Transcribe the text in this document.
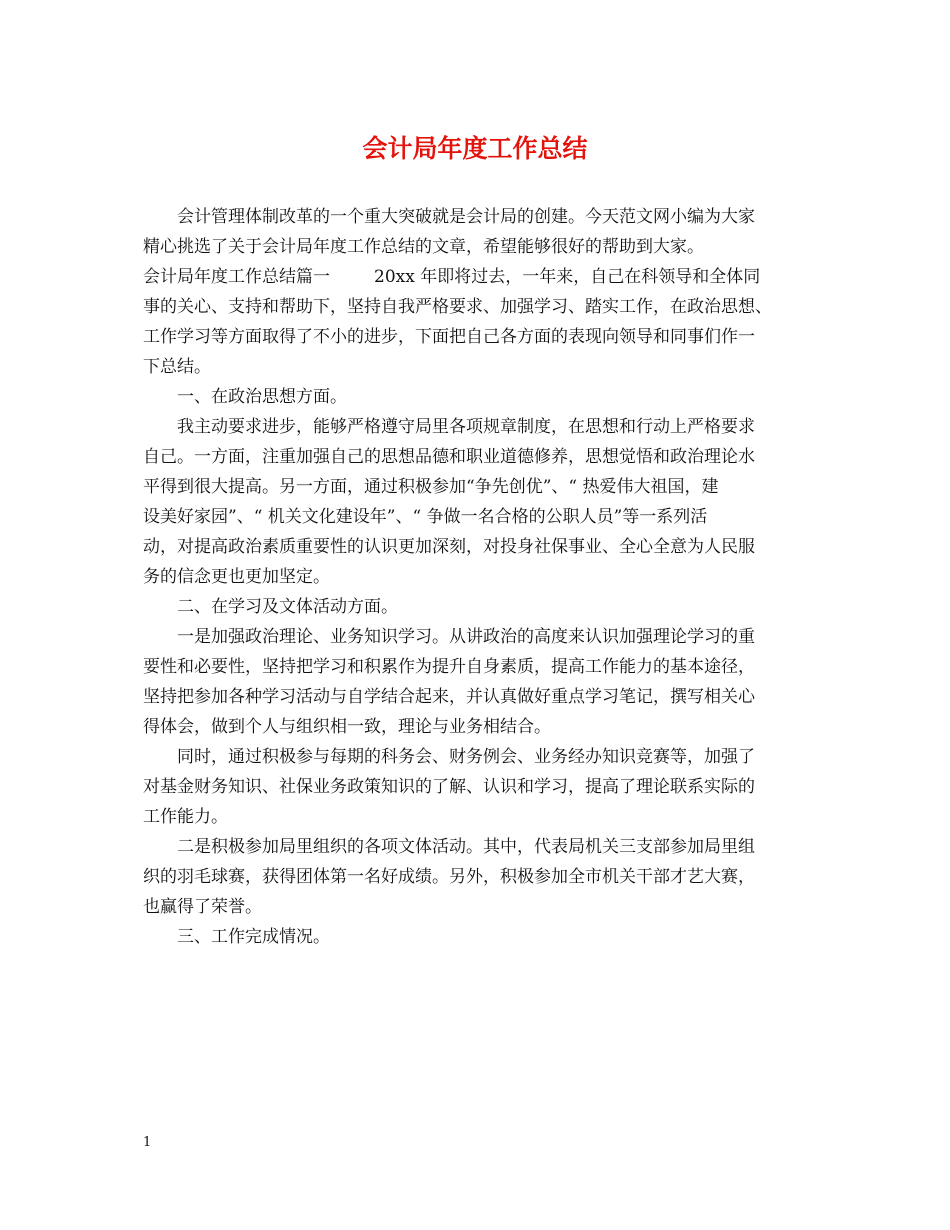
会计局年度工作总结
会计管理体制改革的一个重大突破就是会计局的创建。今天范文网小编为大家
精心挑选了关于会计局年度工作总结的文章，希望能够很好的帮助到大家。
会计局年度工作总结篇一	20xx 年即将过去，一年来，自己在科领导和全体同
事的关心、支持和帮助下，坚持自我严格要求、加强学习、踏实工作，在政治思想、
工作学习等方面取得了不小的进步，下面把自己各方面的表现向领导和同事们作一
下总结。
一、在政治思想方面。
我主动要求进步，能够严格遵守局里各项规章制度，在思想和行动上严格要求
自己。一方面，注重加强自己的思想品德和职业道德修养，思想觉悟和政治理论水
平得到很大提高。另一方面，通过积极参加“争先创优”、“ 热爱伟大祖国，建
设美好家园”、“ 机关文化建设年”、“ 争做一名合格的公职人员”等一系列活
动，对提高政治素质重要性的认识更加深刻，对投身社保事业、全心全意为人民服
务的信念更也更加坚定。
二、在学习及文体活动方面。
一是加强政治理论、业务知识学习。从讲政治的高度来认识加强理论学习的重
要性和必要性，坚持把学习和积累作为提升自身素质，提高工作能力的基本途径，
坚持把参加各种学习活动与自学结合起来，并认真做好重点学习笔记，撰写相关心
得体会，做到个人与组织相一致，理论与业务相结合。
同时，通过积极参与每期的科务会、财务例会、业务经办知识竞赛等，加强了
对基金财务知识、社保业务政策知识的了解、认识和学习，提高了理论联系实际的
工作能力。
二是积极参加局里组织的各项文体活动。其中，代表局机关三支部参加局里组
织的羽毛球赛，获得团体第一名好成绩。另外，积极参加全市机关干部才艺大赛，
也赢得了荣誉。
三、工作完成情况。
1
